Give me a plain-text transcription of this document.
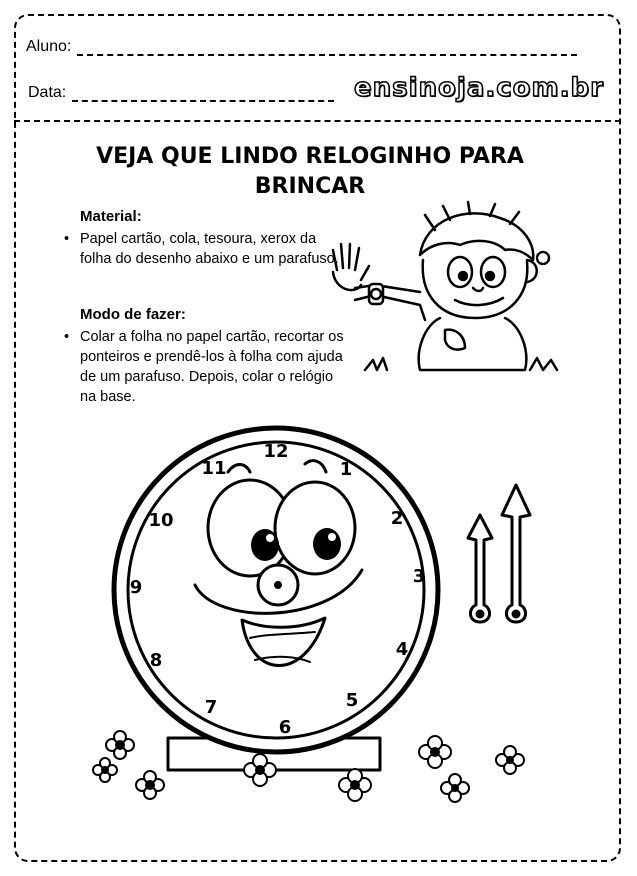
Aluno:
Data:	ensinoja.com.br
VEJA QUE LINDO RELOGINHO PARA
BRINCAR
Material:
• Papel cartão, cola, tesoura, xerox da folha do desenho abaixo e um parafuso.
Modo de fazer:
• Colar a folha no papel cartão, recortar os ponteiros e prendê-los à folha com ajuda de um parafuso. Depois, colar o relógio na base.
12
1
2
3
4
5
6
7
8
9
10
11
